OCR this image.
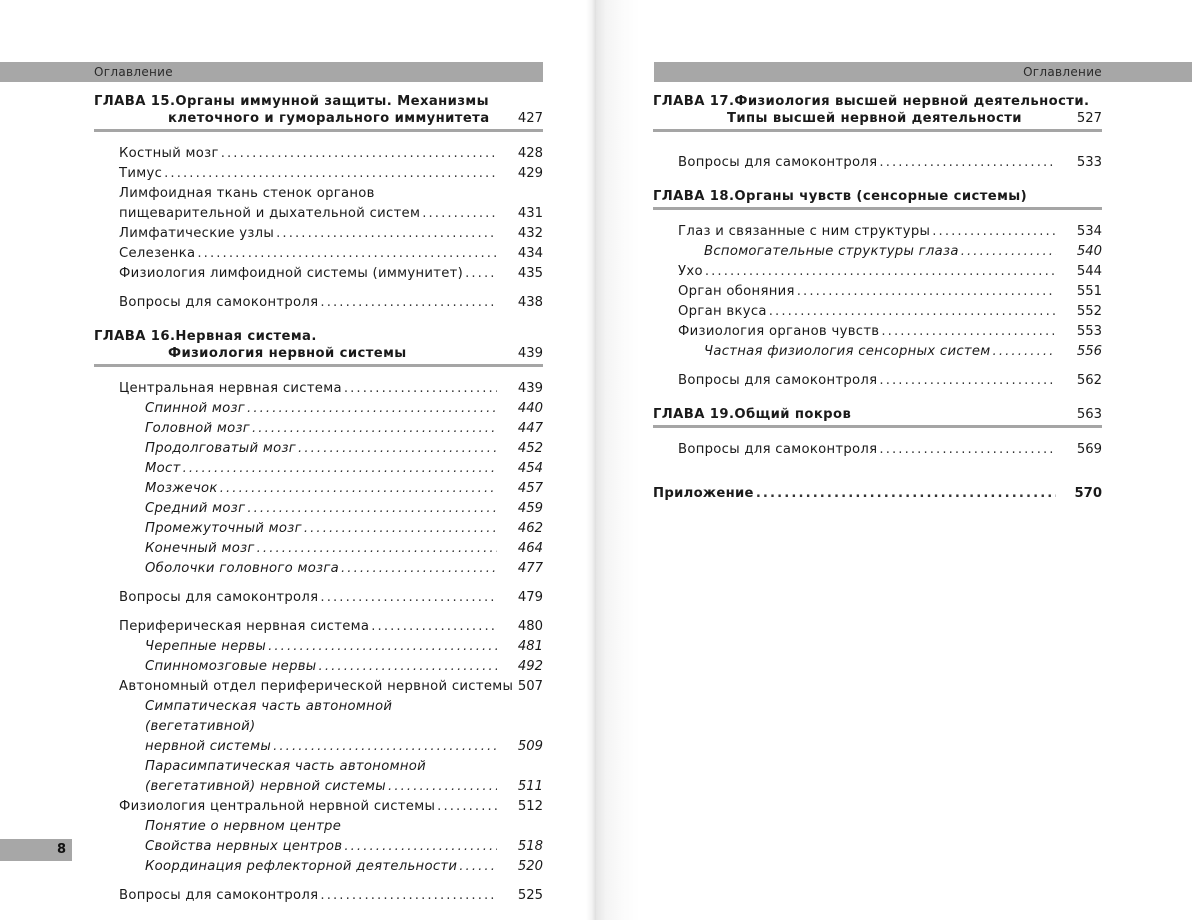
Оглавление
ГЛАВА 15.Органы иммунной защиты. Механизмы
клеточного и гуморального иммунитета	427
Костный мозг .....	428
Тимус .....	429
Лимфоидная ткань стенок органов
пищеварительной и дыхательной систем .....	431
Лимфатические узлы .....	432
Селезенка .....	434
Физиология лимфоидной системы (иммунитет) .....	435
Вопросы для самоконтроля .....	438
ГЛАВА 16.Нервная система.
Физиология нервной системы	439
Центральная нервная система .....	439
Спинной мозг .....	440
Головной мозг .....	447
Продолговатый мозг .....	452
Мост .....	454
Мозжечок .....	457
Средний мозг .....	459
Промежуточный мозг .....	462
Конечный мозг .....	464
Оболочки головного мозга .....	477
Вопросы для самоконтроля .....	479
Периферическая нервная система .....	480
Черепные нервы .....	481
Спинномозговые нервы .....	492
Автономный отдел периферической нервной системы ..... 507
Симпатическая часть автономной (вегетативной)
нервной системы .....	509
Парасимпатическая часть автономной
(вегетативной) нервной системы .....	511
Физиология центральной нервной системы .....	512
Понятие о нервном центре
Свойства нервных центров .....	518
Координация рефлекторной деятельности .....	520
Вопросы для самоконтроля .....	525
8
Оглавление
ГЛАВА 17.Физиология высшей нервной деятельности.
Типы высшей нервной деятельности	527
Вопросы для самоконтроля .....	533
ГЛАВА 18.Органы чувств (сенсорные системы)
Глаз и связанные с ним структуры .....	534
Вспомогательные структуры глаза .....	540
Ухо .....	544
Орган обоняния .....	551
Орган вкуса .....	552
Физиология органов чувств .....	553
Частная физиология сенсорных систем .....	556
Вопросы для самоконтроля .....	562
ГЛАВА 19.Общий покров	563
Вопросы для самоконтроля .....	569
Приложение .....	570
